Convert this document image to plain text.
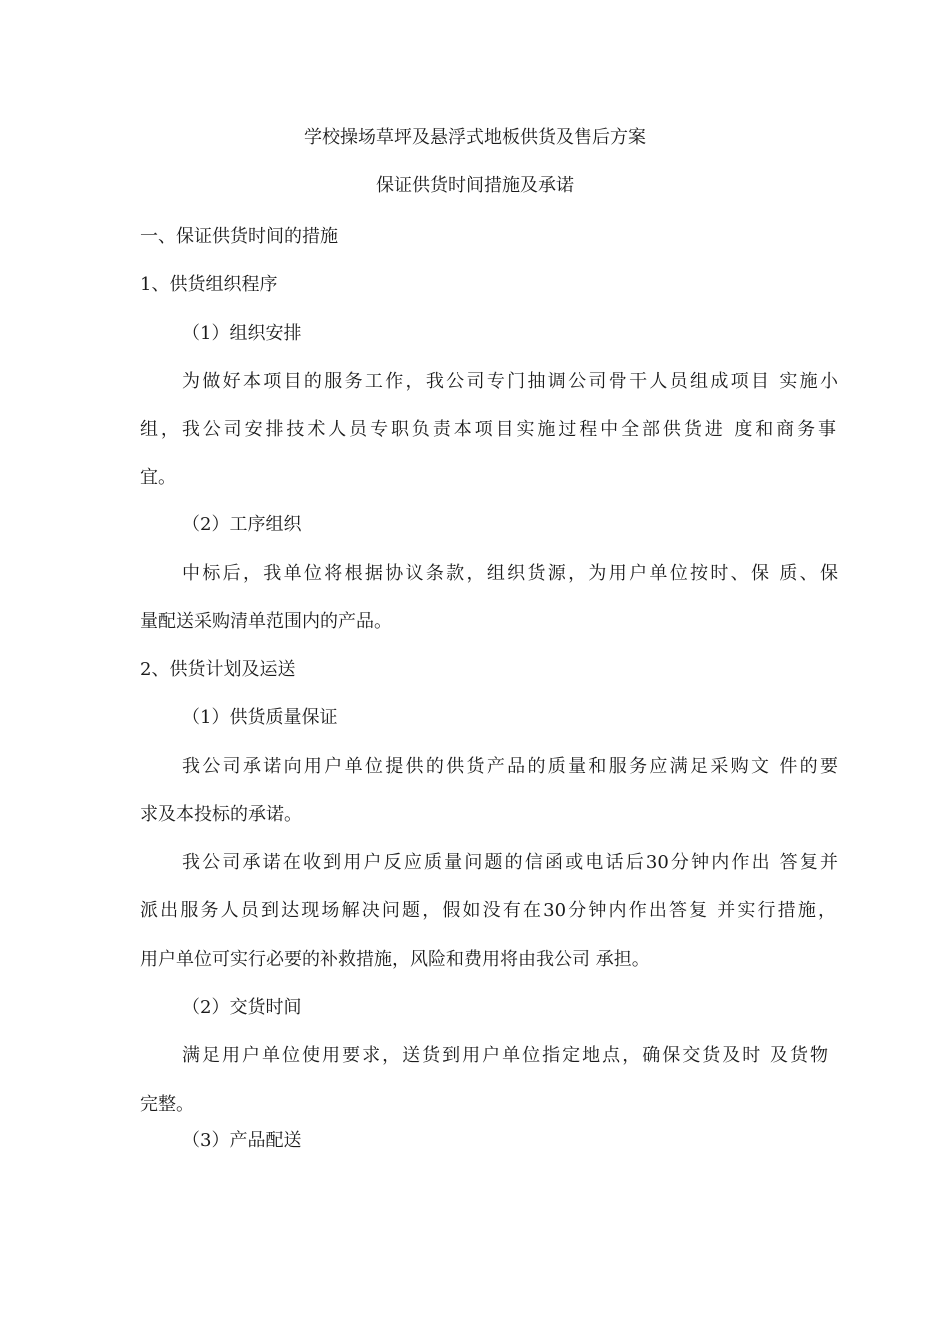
学校操场草坪及悬浮式地板供货及售后方案
保证供货时间措施及承诺
一、保证供货时间的措施
1、供货组织程序
（1）组织安排
为做好本项目的服务工作，我公司专门抽调公司骨干人员组成项目 实施小
组，我公司安排技术人员专职负责本项目实施过程中全部供货进 度和商务事
宜。
（2）工序组织
中标后，我单位将根据协议条款，组织货源，为用户单位按时、保 质、保
量配送采购清单范围内的产品。
2、供货计划及运送
（1）供货质量保证
我公司承诺向用户单位提供的供货产品的质量和服务应满足采购文 件的要
求及本投标的承诺。
我公司承诺在收到用户反应质量问题的信函或电话后30分钟内作出 答复并
派出服务人员到达现场解决问题，假如没有在30分钟内作出答复 并实行措施，
用户单位可实行必要的补救措施，风险和费用将由我公司 承担。
（2）交货时间
满足用户单位使用要求，送货到用户单位指定地点，确保交货及时 及货物
完整。
（3）产品配送
